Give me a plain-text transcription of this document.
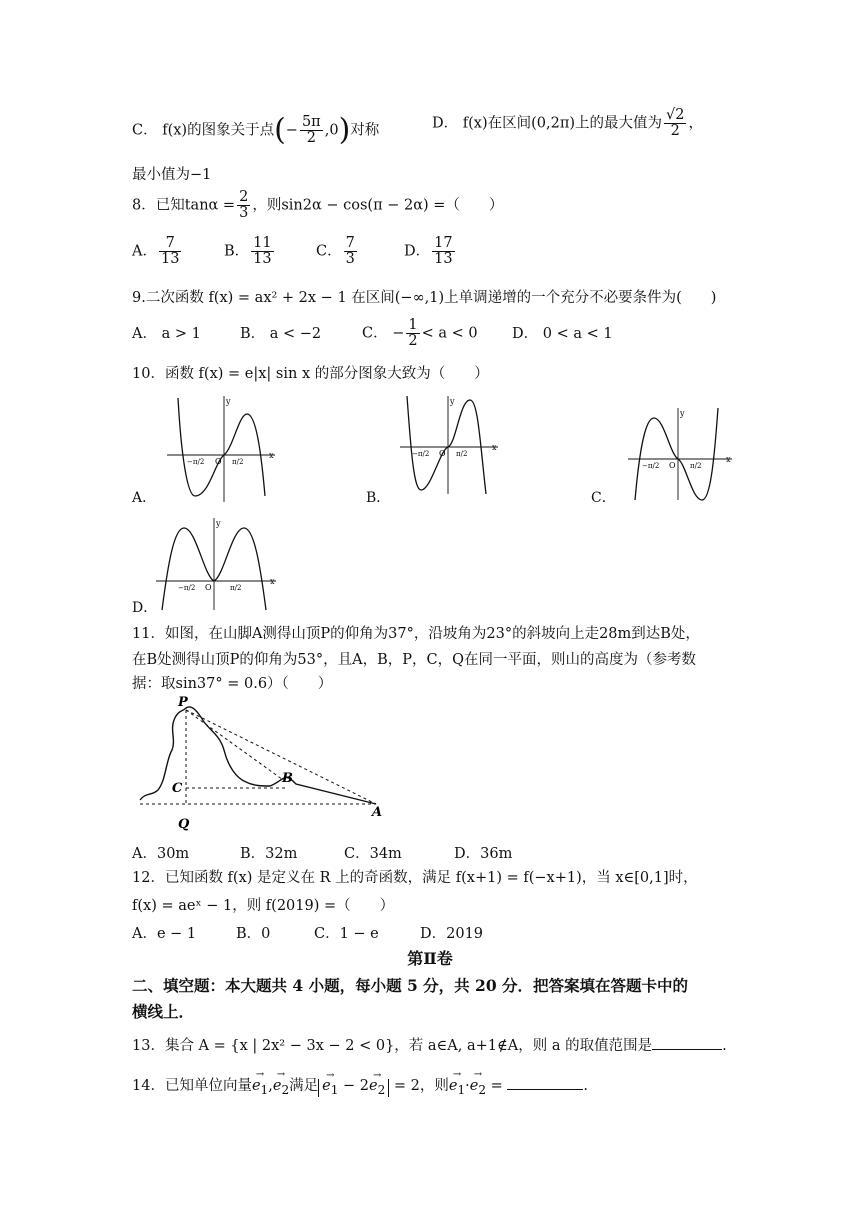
C． f(x)的图象关于点(− $\frac{5\pi}{2} ,0$)对称	D． f(x)在区间(0,2π)上的最大值为 $\frac{√2}{2}$ ，
最小值为−1
8．已知$\tan\alpha = \frac{2}{3}$ ，则sin2α − cos(π − 2α) =（　　）
A． $\frac{7}{13}$	B． $\frac{11}{13}$	C． $\frac{7}{3}$	D． $\frac{17}{13}$
9.二次函数 f(x) = ax² + 2x − 1 在区间(−∞,1)上单调递增的一个充分不必要条件为(　　)
A． a > 1	B． a < −2	C． − $\frac{1}{2} < a < 0$ D． 0 < a < 1
10．函数 f(x) = e|x| sin x 的部分图象大致为（　　）
A．
y
x
O
−π/2	π/2
B．
y
x
O
−π/2	π/2
C．
y
x
O
−π/2	π/2
D．
y
x
O
−π/2	π/2
11．如图，在山脚A测得山顶P的仰角为37°，沿坡角为23°的斜坡向上走28m到达B处，
在B处测得山顶P的仰角为53°，且A，B，P，C，Q在同一平面，则山的高度为（参考数
据：取sin37° = 0.6）（　　）
P
B
C
A
Q
A．30m	B．32m	C．34m	D．36m
12．已知函数 f(x) 是定义在 R 上的奇函数，满足 f(x+1) = f(−x+1)，当 x∈[0,1]时，
f(x) = aeˣ − 1，则 f(2019) =（　　）
A．e − 1	B．0	C．1 − e	D．2019
第Ⅱ卷
二、填空题：本大题共 4 小题，每小题 5 分，共 20 分．把答案填在答题卡中的
横线上．
13．集合 A = {x | 2x² − 3x − 2 < 0}，若 a∈A, a+1∉A，则 a 的取值范围是	.
14．已知单位向量→ $e_1,\to e_2$满足→ $e_1 - 2\to e_2 = 2$，则→ $e_1\cdot\to e_2$ =	.
